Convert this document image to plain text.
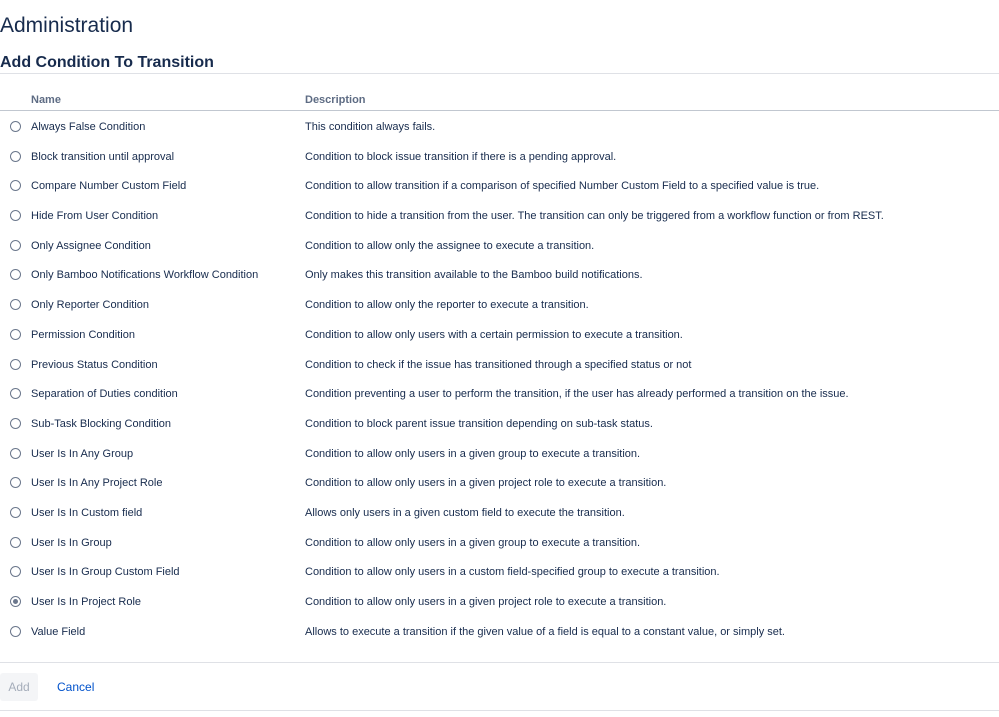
Administration
Add Condition To Transition
Name	Description
Always False Condition	This condition always fails.
Block transition until approval	Condition to block issue transition if there is a pending approval.
Compare Number Custom Field	Condition to allow transition if a comparison of specified Number Custom Field to a specified value is true.
Hide From User Condition	Condition to hide a transition from the user. The transition can only be triggered from a workflow function or from REST.
Only Assignee Condition	Condition to allow only the assignee to execute a transition.
Only Bamboo Notifications Workflow Condition	Only makes this transition available to the Bamboo build notifications.
Only Reporter Condition	Condition to allow only the reporter to execute a transition.
Permission Condition	Condition to allow only users with a certain permission to execute a transition.
Previous Status Condition	Condition to check if the issue has transitioned through a specified status or not
Separation of Duties condition	Condition preventing a user to perform the transition, if the user has already performed a transition on the issue.
Sub-Task Blocking Condition	Condition to block parent issue transition depending on sub-task status.
User Is In Any Group	Condition to allow only users in a given group to execute a transition.
User Is In Any Project Role	Condition to allow only users in a given project role to execute a transition.
User Is In Custom field	Allows only users in a given custom field to execute the transition.
User Is In Group	Condition to allow only users in a given group to execute a transition.
User Is In Group Custom Field	Condition to allow only users in a custom field-specified group to execute a transition.
User Is In Project Role	Condition to allow only users in a given project role to execute a transition.
Value Field	Allows to execute a transition if the given value of a field is equal to a constant value, or simply set.
Add	Cancel
